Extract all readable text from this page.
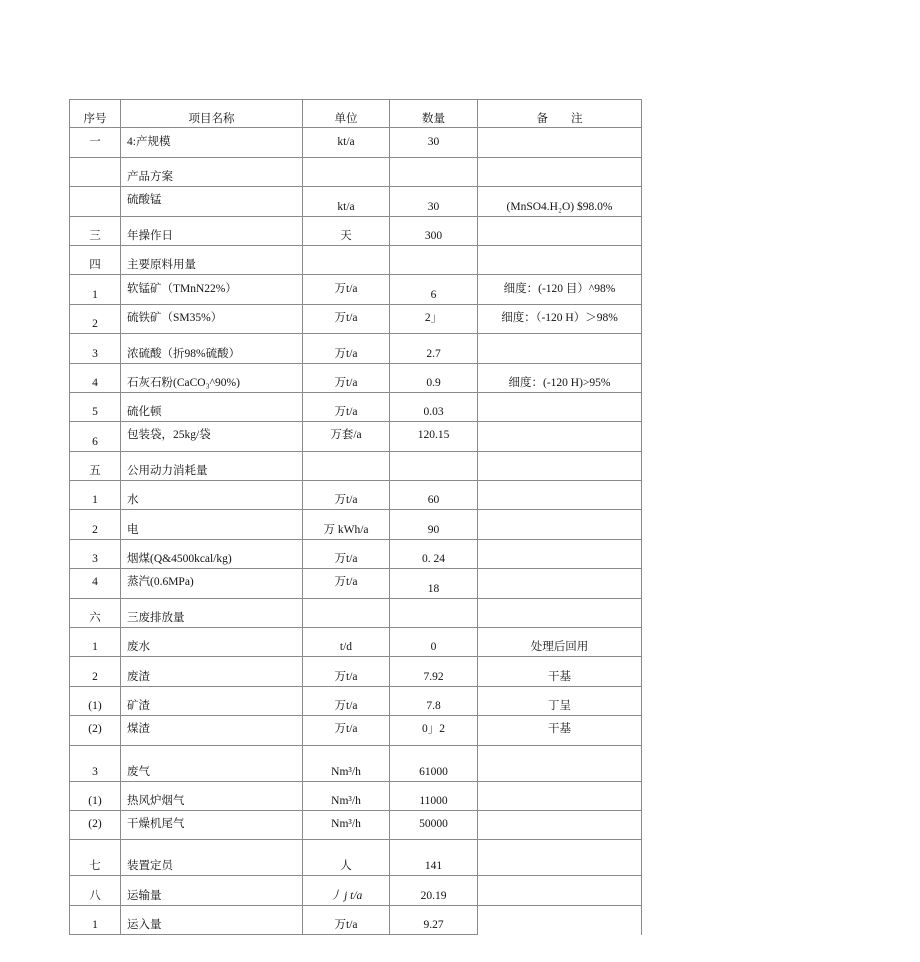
序号	项目名称	单位	数量	备　　注
一	4:产规模	kt/a	30	
	产品方案			
	硫酸锰	kt/a	30	(MnSO4.H₂O) $98.0%
三	年操作日	天	300	
四	主要原料用量			
1	软锰矿（TMnN22%）	万t/a	6	细度：(-120 目）^98%
2	硫铁矿（SM35%）	万t/a	2」	细度：（-120 H）＞98%
3	浓硫酸（折98%硫酸）	万t/a	2.7	
4	石灰石粉(CaCO₃^90%)	万t/a	0.9	细度：(-120 H)>95%
5	硫化顿	万t/a	0.03	
6	包装袋，25kg/袋	万套/a	120.15	
五	公用动力消耗量			
1	水	万t/a	60	
2	电	万 kWh/a	90	
3	烟煤(Q&4500kcal/kg)	万t/a	0. 24	
4	蒸汽(0.6MPa)	万t/a	18	
六	三废排放量			
1	废水	t/d	0	处理后回用
2	废渣	万t/a	7.92	干基
(1)	矿渣	万t/a	7.8	丁呈
(2)	煤渣	万t/a	0」2	干基
3	废气	Nm³/h	61000	
(1)	热风炉烟气	Nm³/h	11000	
(2)	干燥机尾气	Nm³/h	50000	
七	装置定员	人	141	
八	运输量	丿 j t/a	20.19	
1	运入量	万t/a	9.27	
